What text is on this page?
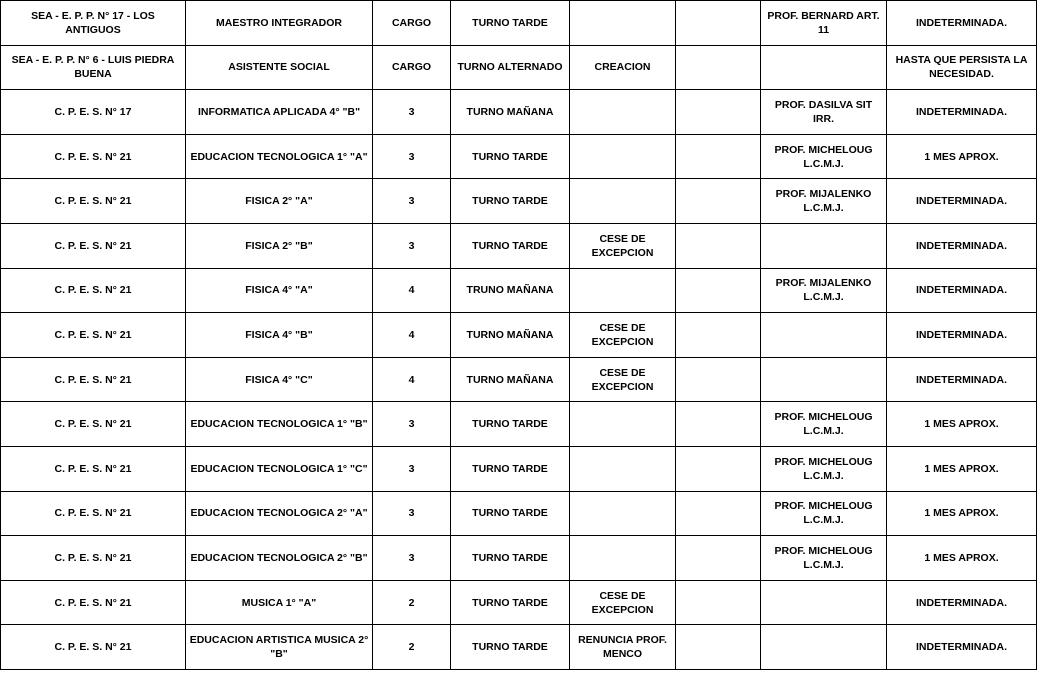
SEA - E. P. P. N° 17 - LOS ANTIGUOS	MAESTRO INTEGRADOR	CARGO	TURNO TARDE			PROF. BERNARD ART. 11	INDETERMINADA.
SEA - E. P. P. N° 6 - LUIS PIEDRA BUENA	ASISTENTE SOCIAL	CARGO	TURNO ALTERNADO	CREACION			HASTA QUE PERSISTA LA NECESIDAD.
C. P. E. S. N° 17	INFORMATICA APLICADA 4° "B"	3	TURNO MAÑANA			PROF. DASILVA SIT IRR.	INDETERMINADA.
C. P. E. S. N° 21	EDUCACION TECNOLOGICA 1° "A"	3	TURNO TARDE			PROF. MICHELOUG L.C.M.J.	1 MES APROX.
C. P. E. S. N° 21	FISICA 2° "A"	3	TURNO TARDE			PROF. MIJALENKO L.C.M.J.	INDETERMINADA.
C. P. E. S. N° 21	FISICA 2° "B"	3	TURNO TARDE	CESE DE EXCEPCION			INDETERMINADA.
C. P. E. S. N° 21	FISICA 4° "A"	4	TRUNO MAÑANA			PROF. MIJALENKO L.C.M.J.	INDETERMINADA.
C. P. E. S. N° 21	FISICA 4° "B"	4	TURNO MAÑANA	CESE DE EXCEPCION			INDETERMINADA.
C. P. E. S. N° 21	FISICA 4° "C"	4	TURNO MAÑANA	CESE DE EXCEPCION			INDETERMINADA.
C. P. E. S. N° 21	EDUCACION TECNOLOGICA 1° "B"	3	TURNO TARDE			PROF. MICHELOUG L.C.M.J.	1 MES APROX.
C. P. E. S. N° 21	EDUCACION TECNOLOGICA 1° "C"	3	TURNO TARDE			PROF. MICHELOUG L.C.M.J.	1 MES APROX.
C. P. E. S. N° 21	EDUCACION TECNOLOGICA 2° "A"	3	TURNO TARDE			PROF. MICHELOUG L.C.M.J.	1 MES APROX.
C. P. E. S. N° 21	EDUCACION TECNOLOGICA 2° "B"	3	TURNO TARDE			PROF. MICHELOUG L.C.M.J.	1 MES APROX.
C. P. E. S. N° 21	MUSICA 1° "A"	2	TURNO TARDE	CESE DE EXCEPCION			INDETERMINADA.
C. P. E. S. N° 21	EDUCACION ARTISTICA MUSICA 2° "B"	2	TURNO TARDE	RENUNCIA PROF. MENCO			INDETERMINADA.
